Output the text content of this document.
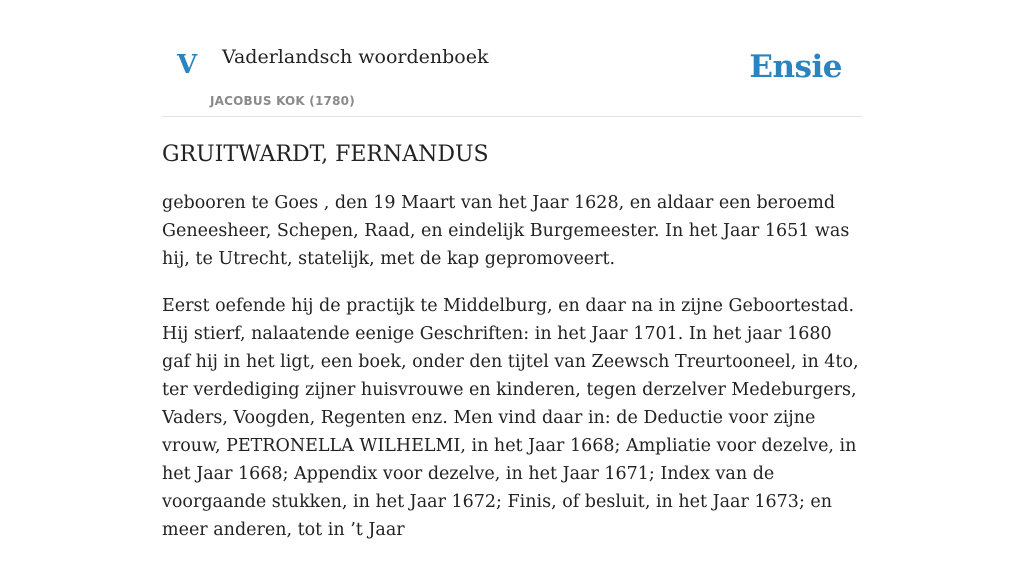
V Vaderlandsch woordenboek
JACOBUS KOK (1780)
Ensie
GRUITWARDT, FERNANDUS

gebooren te Goes , den 19 Maart van het Jaar 1628, en aldaar een beroemd Geneesheer, Schepen, Raad, en eindelijk Burgemeester. In het Jaar 1651 was hij, te Utrecht, statelijk, met de kap gepromoveert.

Eerst oefende hij de practijk te Middelburg, en daar na in zijne Geboortestad. Hij stierf, nalaatende eenige Geschriften: in het Jaar 1701. In het jaar 1680 gaf hij in het ligt, een boek, onder den tijtel van Zeewsch Treurtooneel, in 4to, ter verdediging zijner huisvrouwe en kinderen, tegen derzelver Medeburgers, Vaders, Voogden, Regenten enz. Men vind daar in: de Deductie voor zijne vrouw, PETRONELLA WILHELMI, in het Jaar 1668; Ampliatie voor dezelve, in het Jaar 1668; Appendix voor dezelve, in het Jaar 1671; Index van de voorgaande stukken, in het Jaar 1672; Finis, of besluit, in het Jaar 1673; en meer anderen, tot in ’t Jaar
